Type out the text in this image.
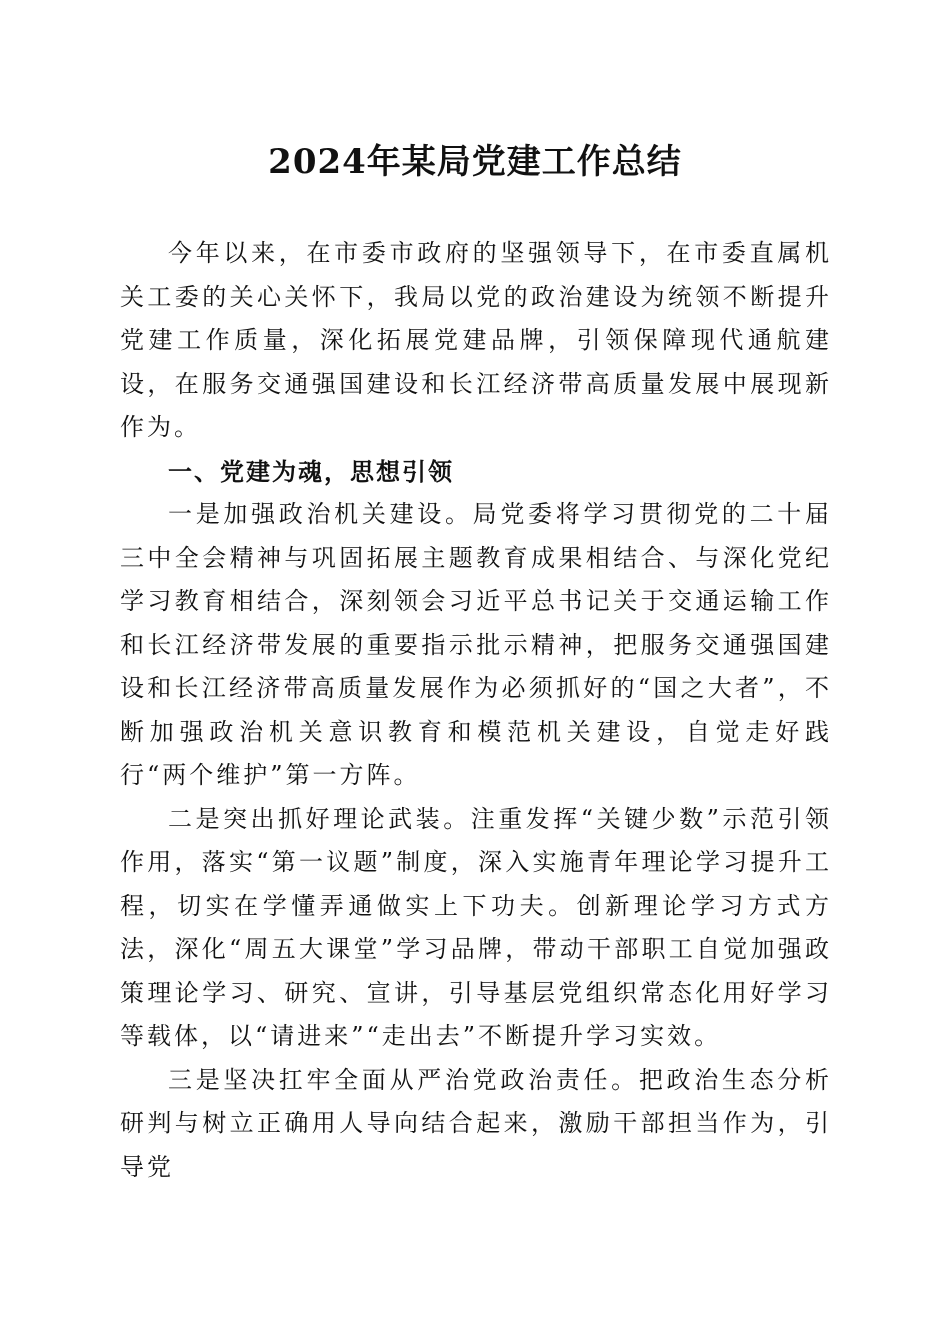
2024年某局党建工作总结

今年以来，在市委市政府的坚强领导下，在市委直属机关工委的关心关怀下，我局以党的政治建设为统领不断提升党建工作质量，深化拓展党建品牌，引领保障现代通航建设，在服务交通强国建设和长江经济带高质量发展中展现新作为。

一、党建为魂，思想引领

一是加强政治机关建设。局党委将学习贯彻党的二十届三中全会精神与巩固拓展主题教育成果相结合、与深化党纪学习教育相结合，深刻领会习近平总书记关于交通运输工作和长江经济带发展的重要指示批示精神，把服务交通强国建设和长江经济带高质量发展作为必须抓好的“国之大者”，不断加强政治机关意识教育和模范机关建设，自觉走好践行“两个维护”第一方阵。

二是突出抓好理论武装。注重发挥“关键少数”示范引领作用，落实“第一议题”制度，深入实施青年理论学习提升工程，切实在学懂弄通做实上下功夫。创新理论学习方式方法，深化“周五大课堂”学习品牌，带动干部职工自觉加强政策理论学习、研究、宣讲，引导基层党组织常态化用好学习等载体，以“请进来”“走出去”不断提升学习实效。

三是坚决扛牢全面从严治党政治责任。把政治生态分析研判与树立正确用人导向结合起来，激励干部担当作为，引导党
